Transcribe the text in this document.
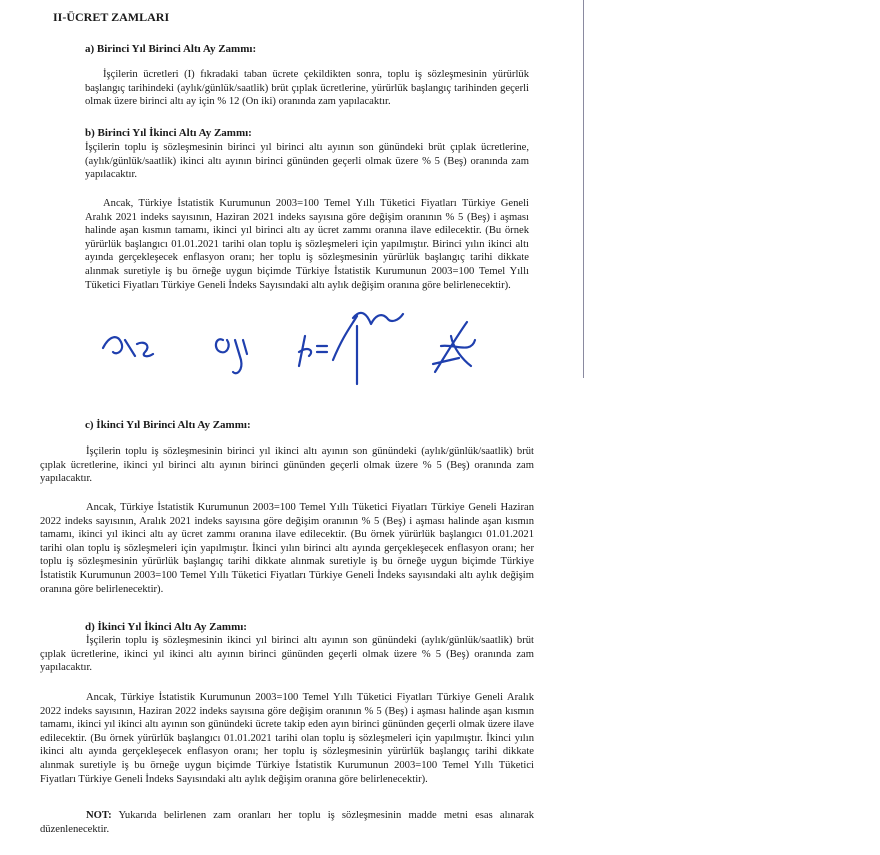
II-ÜCRET ZAMLARI
a) Birinci Yıl Birinci Altı Ay Zammı:
İşçilerin ücretleri (I) fıkradaki taban ücrete çekildikten sonra, toplu iş sözleşmesinin yürürlük başlangıç tarihindeki (aylık/günlük/saatlik) brüt çıplak ücretlerine, yürürlük başlangıç tarihinden geçerli olmak üzere birinci altı ay için % 12 (On iki) oranında zam yapılacaktır.
b) Birinci Yıl İkinci Altı Ay Zammı:
İşçilerin toplu iş sözleşmesinin birinci yıl birinci altı ayının son günündeki brüt çıplak ücretlerine, (aylık/günlük/saatlik) ikinci altı ayının birinci gününden geçerli olmak üzere % 5 (Beş) oranında zam yapılacaktır.
Ancak, Türkiye İstatistik Kurumunun 2003=100 Temel Yıllı Tüketici Fiyatları Türkiye Geneli Aralık 2021 indeks sayısının, Haziran 2021 indeks sayısına göre değişim oranının % 5 (Beş) i aşması halinde aşan kısmın tamamı, ikinci yıl birinci altı ay ücret zammı oranına ilave edilecektir. (Bu örnek yürürlük başlangıcı 01.01.2021 tarihi olan toplu iş sözleşmeleri için yapılmıştır. Birinci yılın ikinci altı ayında gerçekleşecek enflasyon oranı; her toplu iş sözleşmesinin yürürlük başlangıç tarihi dikkate alınmak suretiyle iş bu örneğe uygun biçimde Türkiye İstatistik Kurumunun 2003=100 Temel Yıllı Tüketici Fiyatları Türkiye Geneli İndeks Sayısındaki altı aylık değişim oranına göre belirlenecektir).
c) İkinci Yıl Birinci Altı Ay Zammı:
İşçilerin toplu iş sözleşmesinin birinci yıl ikinci altı ayının son günündeki (aylık/günlük/saatlik) brüt çıplak ücretlerine, ikinci yıl birinci altı ayının birinci gününden geçerli olmak üzere % 5 (Beş) oranında zam yapılacaktır.
Ancak, Türkiye İstatistik Kurumunun 2003=100 Temel Yıllı Tüketici Fiyatları Türkiye Geneli Haziran 2022 indeks sayısının, Aralık 2021 indeks sayısına göre değişim oranının % 5 (Beş) i aşması halinde aşan kısmın tamamı, ikinci yıl ikinci altı ay ücret zammı oranına ilave edilecektir. (Bu örnek yürürlük başlangıcı 01.01.2021 tarihi olan toplu iş sözleşmeleri için yapılmıştır. İkinci yılın birinci altı ayında gerçekleşecek enflasyon oranı; her toplu iş sözleşmesinin yürürlük başlangıç tarihi dikkate alınmak suretiyle iş bu örneğe uygun biçimde Türkiye İstatistik Kurumunun 2003=100 Temel Yıllı Tüketici Fiyatları Türkiye Geneli İndeks sayısındaki altı aylık değişim oranına göre belirlenecektir).
d) İkinci Yıl İkinci Altı Ay Zammı:
İşçilerin toplu iş sözleşmesinin ikinci yıl birinci altı ayının son günündeki (aylık/günlük/saatlik) brüt çıplak ücretlerine, ikinci yıl ikinci altı ayının birinci gününden geçerli olmak üzere % 5 (Beş) oranında zam yapılacaktır.
Ancak, Türkiye İstatistik Kurumunun 2003=100 Temel Yıllı Tüketici Fiyatları Türkiye Geneli Aralık 2022 indeks sayısının, Haziran 2022 indeks sayısına göre değişim oranının % 5 (Beş) i aşması halinde aşan kısmın tamamı, ikinci yıl ikinci altı ayının son günündeki ücrete takip eden ayın birinci gününden geçerli olmak üzere ilave edilecektir. (Bu örnek yürürlük başlangıcı 01.01.2021 tarihi olan toplu iş sözleşmeleri için yapılmıştır. İkinci yılın ikinci altı ayında gerçekleşecek enflasyon oranı; her toplu iş sözleşmesinin yürürlük başlangıç tarihi dikkate alınmak suretiyle iş bu örneğe uygun biçimde Türkiye İstatistik Kurumunun 2003=100 Temel Yıllı Tüketici Fiyatları Türkiye Geneli İndeks Sayısındaki altı aylık değişim oranına göre belirlenecektir).
NOT: Yukarıda belirlenen zam oranları her toplu iş sözleşmesinin madde metni esas alınarak düzenlenecektir.
